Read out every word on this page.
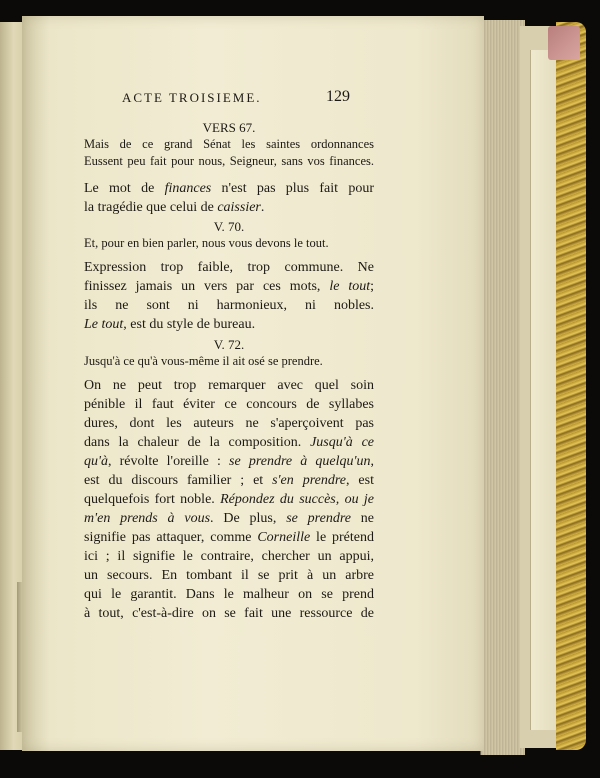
ACTE TROISIEME.	129
VERS 67.
Mais de ce grand Sénat les saintes ordonnances
Eussent peu fait pour nous, Seigneur, sans vos finances.
Le mot de finances n'est pas plus fait pour
la tragédie que celui de caissier.
V. 70.
Et, pour en bien parler, nous vous devons le tout.
Expression trop faible, trop commune. Ne
finissez jamais un vers par ces mots, le tout;
ils ne sont ni harmonieux, ni nobles.
Le tout, est du style de bureau.
V. 72.
Jusqu'à ce qu'à vous-même il ait osé se prendre.
On ne peut trop remarquer avec quel soin
pénible il faut éviter ce concours de syllabes
dures, dont les auteurs ne s'aperçoivent pas
dans la chaleur de la composition. Jusqu'à ce
qu'à, révolte l'oreille : se prendre à quelqu'un,
est du discours familier ; et s'en prendre, est
quelquefois fort noble. Répondez du succès, ou je
m'en prends à vous. De plus, se prendre ne
signifie pas attaquer, comme Corneille le prétend
ici ; il signifie le contraire, chercher un appui,
un secours. En tombant il se prit à un arbre
qui le garantit. Dans le malheur on se prend
à tout, c'est-à-dire on se fait une ressource de
